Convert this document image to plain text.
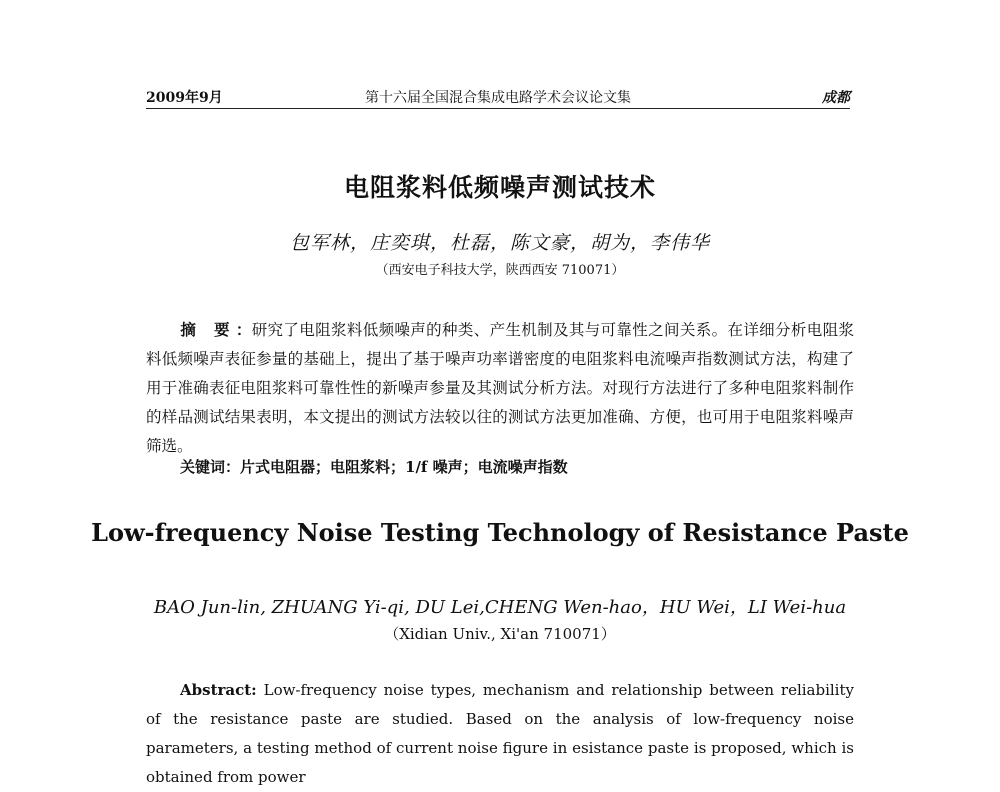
2009年9月	第十六届全国混合集成电路学术会议论文集	成都
电阻浆料低频噪声测试技术
包军林，庄奕琪，杜磊，陈文豪，胡为，李伟华
（西安电子科技大学，陕西西安 710071）
摘 要：研究了电阻浆料低频噪声的种类、产生机制及其与可靠性之间关系。在详细分析电阻浆料低频噪声表征参量的基础上，提出了基于噪声功率谱密度的电阻浆料电流噪声指数测试方法，构建了用于准确表征电阻浆料可靠性性的新噪声参量及其测试分析方法。对现行方法进行了多种电阻浆料制作的样品测试结果表明，本文提出的测试方法较以往的测试方法更加准确、方便，也可用于电阻浆料噪声筛选。
关键词：片式电阻器；电阻浆料；1/f 噪声；电流噪声指数
Low-frequency Noise Testing Technology of Resistance Paste
BAO Jun-lin, ZHUANG Yi-qi, DU Lei,CHENG Wen-hao，HU Wei，LI Wei-hua
（Xidian Univ., Xi'an 710071）
Abstract: Low-frequency noise types, mechanism and relationship between reliability of the resistance paste are studied. Based on the analysis of low-frequency noise parameters, a testing method of current noise figure in esistance paste is proposed, which is obtained from power
